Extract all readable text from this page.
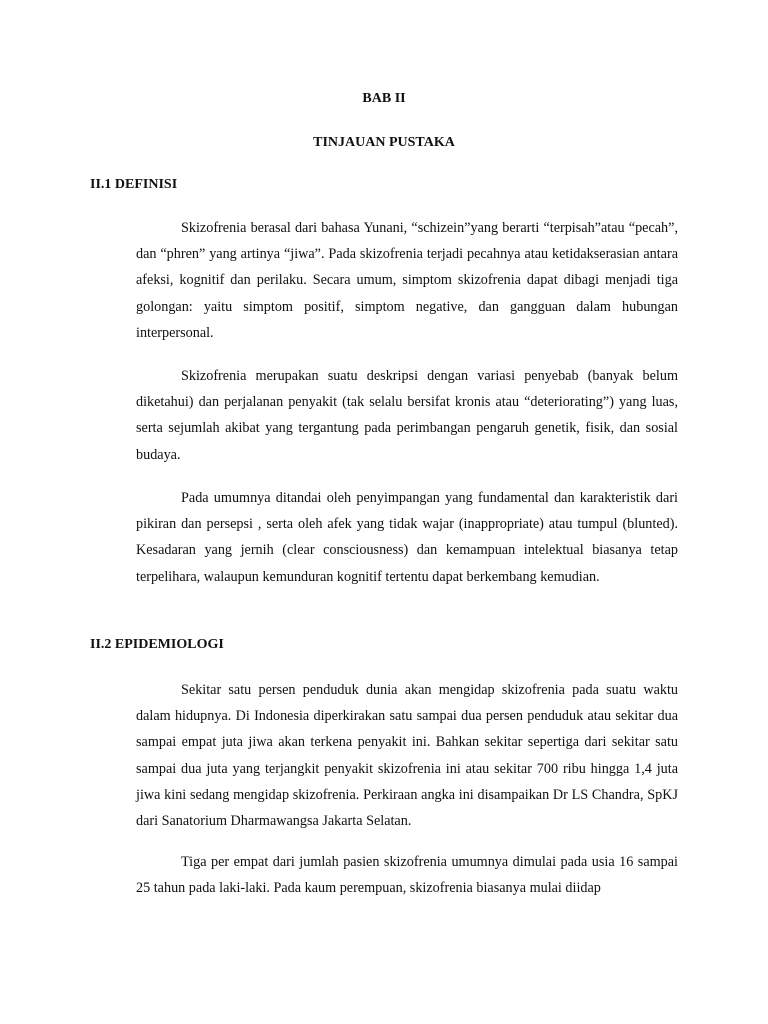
BAB II
TINJAUAN PUSTAKA
II.1 DEFINISI

Skizofrenia berasal dari bahasa Yunani, “schizein”yang berarti “terpisah”atau “pecah”, dan “phren” yang artinya “jiwa”. Pada skizofrenia terjadi pecahnya atau ketidakserasian antara afeksi, kognitif dan perilaku. Secara umum, simptom skizofrenia dapat dibagi menjadi tiga golongan: yaitu simptom positif, simptom negative, dan gangguan dalam hubungan interpersonal.

Skizofrenia merupakan suatu deskripsi dengan variasi penyebab (banyak belum diketahui) dan perjalanan penyakit (tak selalu bersifat kronis atau “deteriorating”) yang luas, serta sejumlah akibat yang tergantung pada perimbangan pengaruh genetik, fisik, dan sosial budaya.

Pada umumnya ditandai oleh penyimpangan yang fundamental dan karakteristik dari pikiran dan persepsi , serta oleh afek yang tidak wajar (inappropriate) atau tumpul (blunted). Kesadaran yang jernih (clear consciousness) dan kemampuan intelektual biasanya tetap terpelihara, walaupun kemunduran kognitif tertentu dapat berkembang kemudian.

II.2 EPIDEMIOLOGI

Sekitar satu persen penduduk dunia akan mengidap skizofrenia pada suatu waktu dalam hidupnya. Di Indonesia diperkirakan satu sampai dua persen penduduk atau sekitar dua sampai empat juta jiwa akan terkena penyakit ini. Bahkan sekitar sepertiga dari sekitar satu sampai dua juta yang terjangkit penyakit skizofrenia ini atau sekitar 700 ribu hingga 1,4 juta jiwa kini sedang mengidap skizofrenia. Perkiraan angka ini disampaikan Dr LS Chandra, SpKJ dari Sanatorium Dharmawangsa Jakarta Selatan.

Tiga per empat dari jumlah pasien skizofrenia umumnya dimulai pada usia 16 sampai 25 tahun pada laki-laki. Pada kaum perempuan, skizofrenia biasanya mulai diidap
